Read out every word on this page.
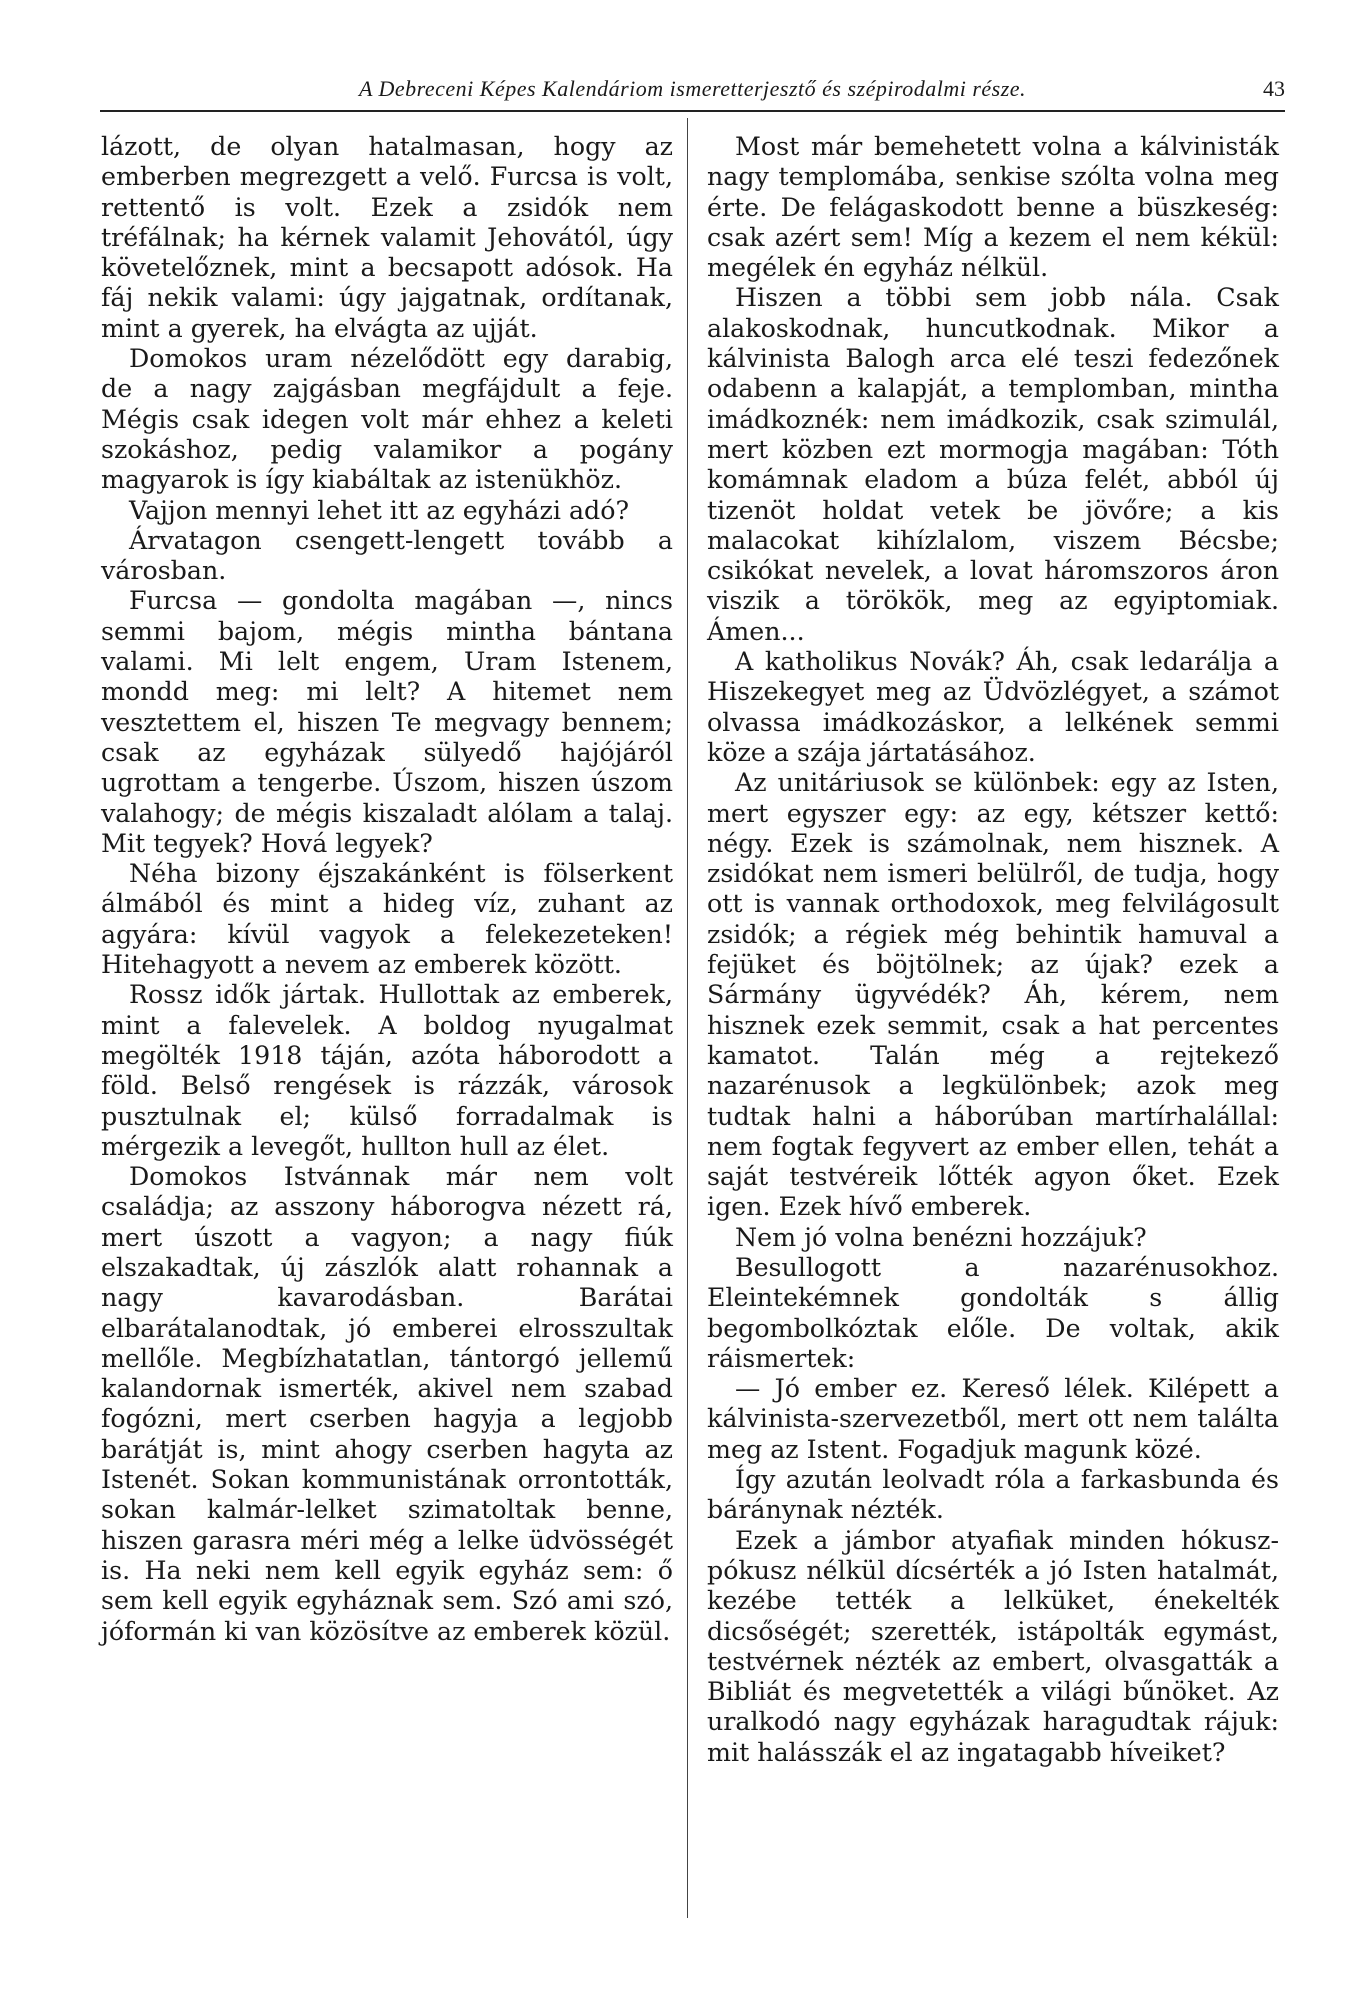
A Debreceni Képes Kalendáriom ismeretterjesztő és szépirodalmi része.	43

lázott, de olyan hatalmasan, hogy az emberben megrezgett a velő. Furcsa is volt, rettentő is volt. Ezek a zsidók nem tréfálnak; ha kérnek valamit Jehovától, úgy követelőznek, mint a becsapott adósok. Ha fáj nekik valami: úgy jajgatnak, ordítanak, mint a gyerek, ha elvágta az ujját.

Domokos uram nézelődött egy darabig, de a nagy zajgásban megfájdult a feje. Mégis csak idegen volt már ehhez a keleti szokáshoz, pedig valamikor a pogány magyarok is így kiabáltak az istenükhöz.

Vajjon mennyi lehet itt az egyházi adó?

Árvatagon csengett-lengett tovább a városban.

Furcsa — gondolta magában —, nincs semmi bajom, mégis mintha bántana valami. Mi lelt engem, Uram Istenem, mondd meg: mi lelt? A hitemet nem vesztettem el, hiszen Te megvagy bennem; csak az egyházak sülyedő hajójáról ugrottam a tengerbe. Úszom, hiszen úszom valahogy; de mégis kiszaladt alólam a talaj. Mit tegyek? Hová legyek?

Néha bizony éjszakánként is fölserkent álmából és mint a hideg víz, zuhant az agyára: kívül vagyok a felekezeteken! Hitehagyott a nevem az emberek között.

Rossz idők jártak. Hullottak az emberek, mint a falevelek. A boldog nyugalmat megölték 1918 táján, azóta háborodott a föld. Belső rengések is rázzák, városok pusztulnak el; külső forradalmak is mérgezik a levegőt, hullton hull az élet.

Domokos Istvánnak már nem volt családja; az asszony háborogva nézett rá, mert úszott a vagyon; a nagy fiúk elszakadtak, új zászlók alatt rohannak a nagy kavarodásban. Barátai elbarátalanodtak, jó emberei elrosszultak mellőle. Megbízhatatlan, tántorgó jellemű kalandornak ismerték, akivel nem szabad fogózni, mert cserben hagyja a legjobb barátját is, mint ahogy cserben hagyta az Istenét. Sokan kommunistának orrontották, sokan kalmár-lelket szimatoltak benne, hiszen garasra méri még a lelke üdvösségét is. Ha neki nem kell egyik egyház sem: ő sem kell egyik egyháznak sem. Szó ami szó, jóformán ki van közösítve az emberek közül.

Most már bemehetett volna a kálvinisták nagy templomába, senkise szólta volna meg érte. De felágaskodott benne a büszkeség: csak azért sem! Míg a kezem el nem kékül: megélek én egyház nélkül.

Hiszen a többi sem jobb nála. Csak alakoskodnak, huncutkodnak. Mikor a kálvinista Balogh arca elé teszi fedezőnek odabenn a kalapját, a templomban, mintha imádkoznék: nem imádkozik, csak szimulál, mert közben ezt mormogja magában: Tóth komámnak eladom a búza felét, abból új tizenöt holdat vetek be jövőre; a kis malacokat kihízlalom, viszem Bécsbe; csikókat nevelek, a lovat háromszoros áron viszik a törökök, meg az egyiptomiak. Ámen...

A katholikus Novák? Áh, csak ledarálja a Hiszekegyet meg az Üdvözlégyet, a számot olvassa imádkozáskor, a lelkének semmi köze a szája jártatásához.

Az unitáriusok se különbek: egy az Isten, mert egyszer egy: az egy, kétszer kettő: négy. Ezek is számolnak, nem hisznek. A zsidókat nem ismeri belülről, de tudja, hogy ott is vannak orthodoxok, meg felvilágosult zsidók; a régiek még behintik hamuval a fejüket és böjtölnek; az újak? ezek a Sármány ügyvédék? Áh, kérem, nem hisznek ezek semmit, csak a hat percentes kamatot. Talán még a rejtekező nazarénusok a legkülönbek; azok meg tudtak halni a háborúban martírhalállal: nem fogtak fegyvert az ember ellen, tehát a saját testvéreik lőtték agyon őket. Ezek igen. Ezek hívő emberek.

Nem jó volna benézni hozzájuk?

Besullogott a nazarénusokhoz. Eleintekémnek gondolták s állig begombolkóztak előle. De voltak, akik ráismertek:

— Jó ember ez. Kereső lélek. Kilépett a kálvinista-szervezetből, mert ott nem találta meg az Istent. Fogadjuk magunk közé.

Így azután leolvadt róla a farkasbunda és báránynak nézték.

Ezek a jámbor atyafiak minden hókusz-pókusz nélkül dícsérték a jó Isten hatalmát, kezébe tették a lelküket, énekelték dicsőségét; szerették, istápolták egymást, testvérnek nézték az embert, olvasgatták a Bibliát és megvetették a világi bűnöket. Az uralkodó nagy egyházak haragudtak rájuk: mit halásszák el az ingatagabb híveiket?
